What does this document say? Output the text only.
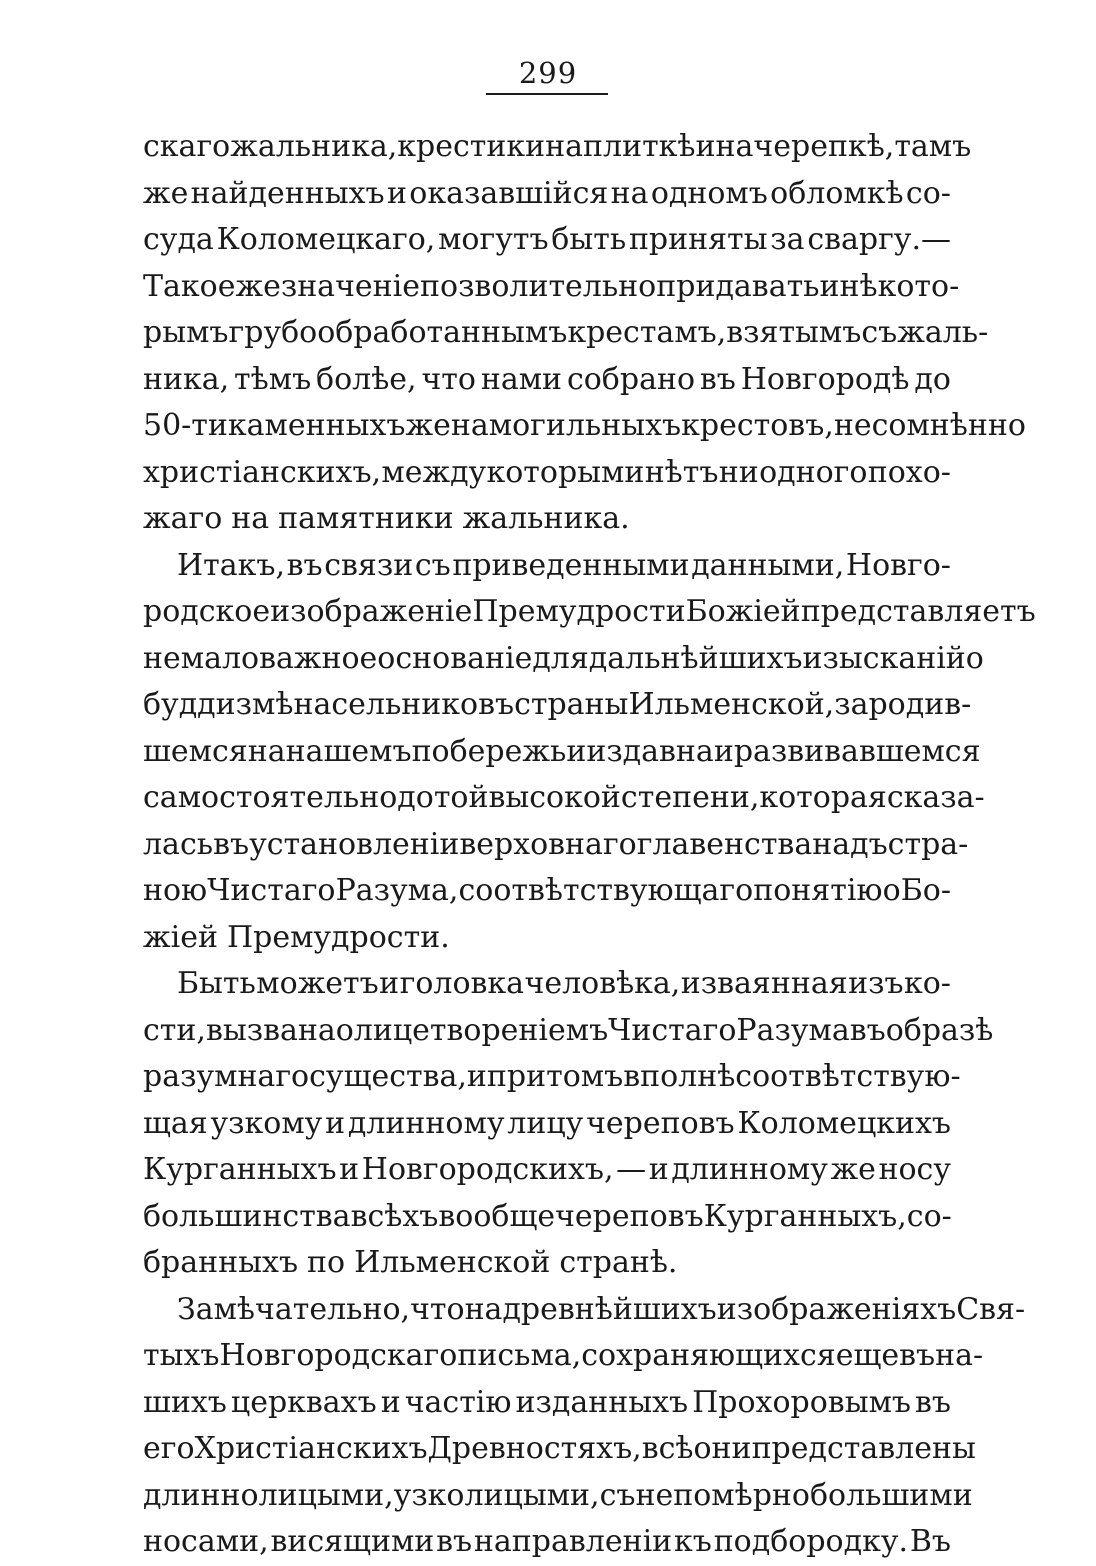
299
скаго жальника, крестики на плиткѣ и на черепкѣ, тамъ
же найденныхъ и оказавшійся на одномъ обломкѣ со-
суда Коломецкаго, могутъ быть приняты за сваргу.—
Такое же значеніе позволительно придавать и нѣкото-
рымъ грубо обработаннымъ крестамъ, взятымъ съ жаль-
ника, тѣмъ болѣе, что нами собрано въ Новгородѣ до
50-ти каменныхъ же намогильныхъ крестовъ, несомнѣнно
христіанскихъ, между которыми нѣтъ ни одного похо-
жаго на памятники жальника.
Итакъ, въ связи съ приведенными данными, Новго-
родское изображеніе Премудрости Божіей представляетъ
немаловажное основаніе для дальнѣйшихъ изысканій о
буддизмѣ насельниковъ страны Ильменской, зародив-
шемся на нашемъ побережьи издавна и развивавшемся
самостоятельно до той высокой степени, которая сказа-
лась въ установленіи верховнаго главенства надъ стра-
ною Чистаго Разума, соотвѣтствующаго понятію о Бо-
жіей Премудрости.
Быть можетъ и головка человѣка, изваянная изъ ко-
сти, вызвана олицетвореніемъ Чистаго Разума въ образѣ
разумнаго существа, и притомъ вполнѣ соотвѣтствую-
щая узкому и длинному лицу череповъ Коломецкихъ
Курганныхъ и Новгородскихъ, — и длинному же носу
большинства всѣхъ вообще череповъ Курганныхъ, со-
бранныхъ по Ильменской странѣ.
Замѣчательно, что на древнѣйшихъ изображеніяхъ Свя-
тыхъ Новгородскаго письма, сохраняющихся еще въ на-
шихъ церквахъ и частію изданныхъ Прохоровымъ въ
его Христіанскихъ Древностяхъ, всѣ они представлены
длиннолицыми, узколицыми, съ непомѣрно большими
носами, висящими въ направленіи къ подбородку. Въ
